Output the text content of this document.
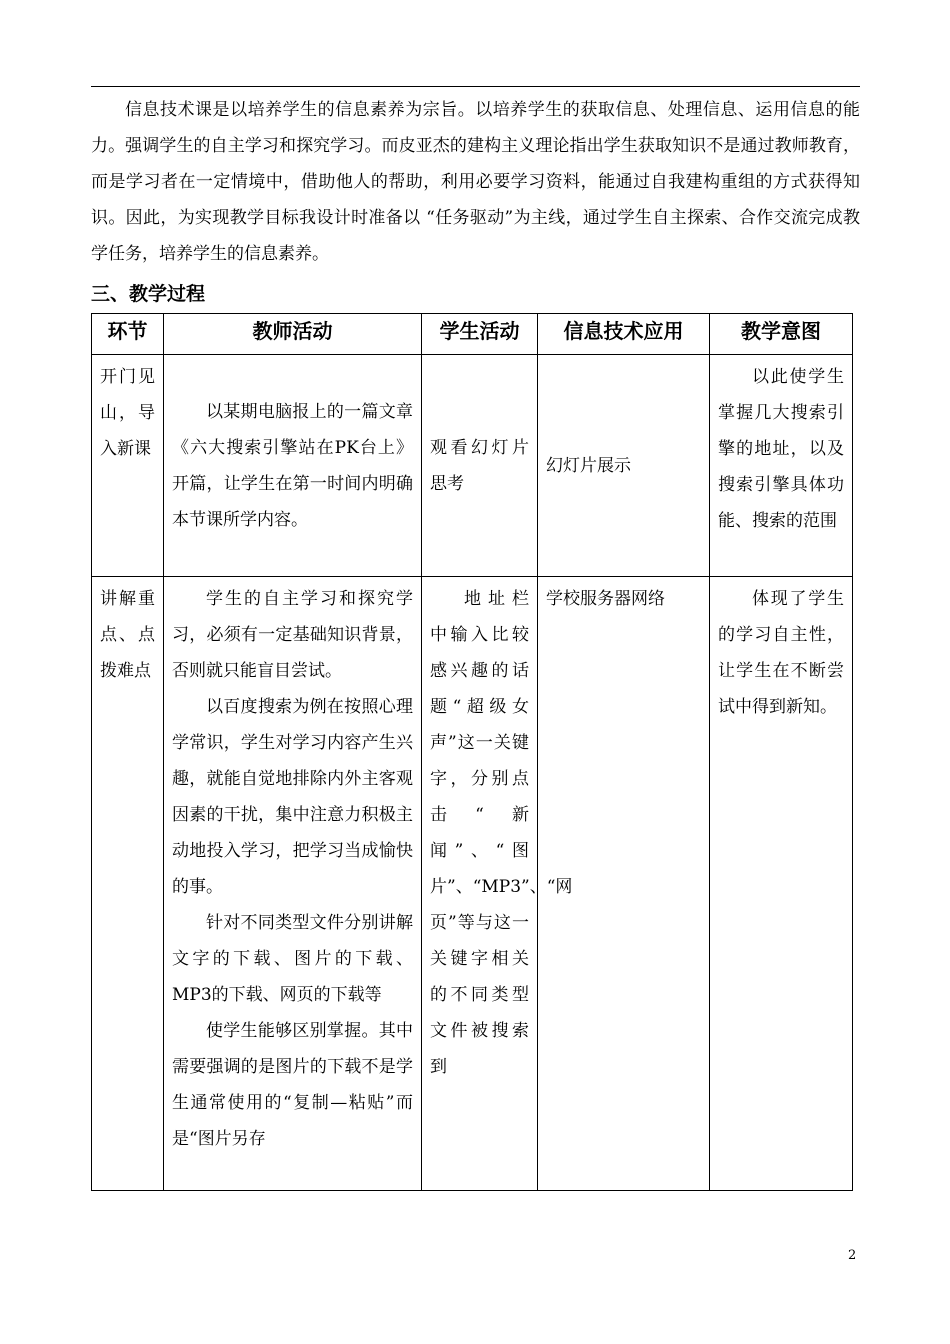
信息技术课是以培养学生的信息素养为宗旨。以培养学生的获取信息、处理信息、运用信息的能力。强调学生的自主学习和探究学习。而皮亚杰的建构主义理论指出学生获取知识不是通过教师教育，而是学习者在一定情境中，借助他人的帮助，利用必要学习资料，能通过自我建构重组的方式获得知识。因此，为实现教学目标我设计时准备以 “任务驱动”为主线，通过学生自主探索、合作交流完成教学任务，培养学生的信息素养。

三、教学过程
环节	教师活动	学生活动	信息技术应用	教学意图
开门见山，导入新课	以某期电脑报上的一篇文章《六大搜索引擎站在PK台上》开篇，让学生在第一时间内明确本节课所学内容。	观看幻灯片思考	幻灯片展示	以此使学生掌握几大搜索引擎的地址，以及搜索引擎具体功能、搜索的范围
讲解重点、点拨难点	学生的自主学习和探究学习，必须有一定基础知识背景，否则就只能盲目尝试。

以百度搜索为例在按照心理学常识，学生对学习内容产生兴趣，就能自觉地排除内外主客观因素的干扰，集中注意力积极主动地投入学习，把学习当成愉快的事。

针对不同类型文件分别讲解文字的下载、图片的下载、MP3的下载、网页的下载等

使学生能够区别掌握。其中需要强调的是图片的下载不是学生通常使用的“复制—粘贴”而是“图片另存	地址栏中输入比较感兴趣的话题“超级女声”这一关键字，分别点击“新闻”、“图片”、“MP3”、“网页”等与这一关键字相关的不同类型文件被搜索到	学校服务器网络	体现了学生的学习自主性，让学生在不断尝试中得到新知。
2
